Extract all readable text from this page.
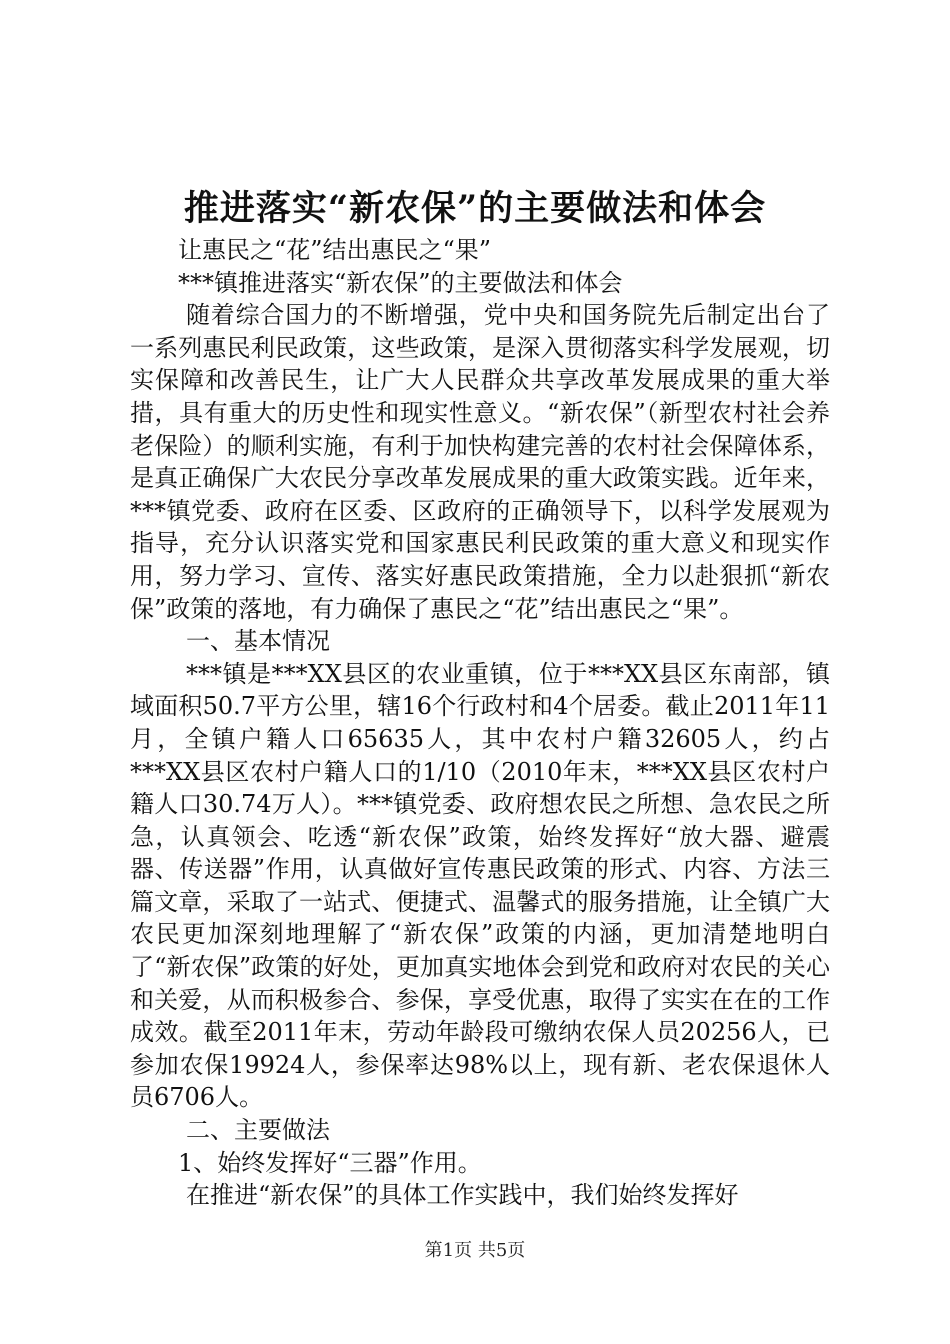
推进落实“新农保”的主要做法和体会

让惠民之“花”结出惠民之“果”

***镇推进落实“新农保”的主要做法和体会

随着综合国力的不断增强，党中央和国务院先后制定出台了一系列惠民利民政策，这些政策，是深入贯彻落实科学发展观，切实保障和改善民生，让广大人民群众共享改革发展成果的重大举措，具有重大的历史性和现实性意义。“新农保”（新型农村社会养老保险）的顺利实施，有利于加快构建完善的农村社会保障体系，是真正确保广大农民分享改革发展成果的重大政策实践。近年来，***镇党委、政府在区委、区政府的正确领导下，以科学发展观为指导，充分认识落实党和国家惠民利民政策的重大意义和现实作用，努力学习、宣传、落实好惠民政策措施，全力以赴狠抓“新农保”政策的落地，有力确保了惠民之“花”结出惠民之“果”。

一、基本情况

***镇是***XX县区的农业重镇，位于***XX县区东南部，镇域面积50.7平方公里，辖16个行政村和4个居委。截止2011年11月，全镇户籍人口65635人，其中农村户籍32605人，约占***XX县区农村户籍人口的1/10（2010年末，***XX县区农村户籍人口30.74万人）。***镇党委、政府想农民之所想、急农民之所急，认真领会、吃透“新农保”政策，始终发挥好“放大器、避震器、传送器”作用，认真做好宣传惠民政策的形式、内容、方法三篇文章，采取了一站式、便捷式、温馨式的服务措施，让全镇广大农民更加深刻地理解了“新农保”政策的内涵，更加清楚地明白了“新农保”政策的好处，更加真实地体会到党和政府对农民的关心和关爱，从而积极参合、参保，享受优惠，取得了实实在在的工作成效。截至2011年末，劳动年龄段可缴纳农保人员20256人，已参加农保19924人，参保率达98%以上，现有新、老农保退休人员6706人。

二、主要做法

1、始终发挥好“三器”作用。

在推进“新农保”的具体工作实践中，我们始终发挥好

第1页 共5页
